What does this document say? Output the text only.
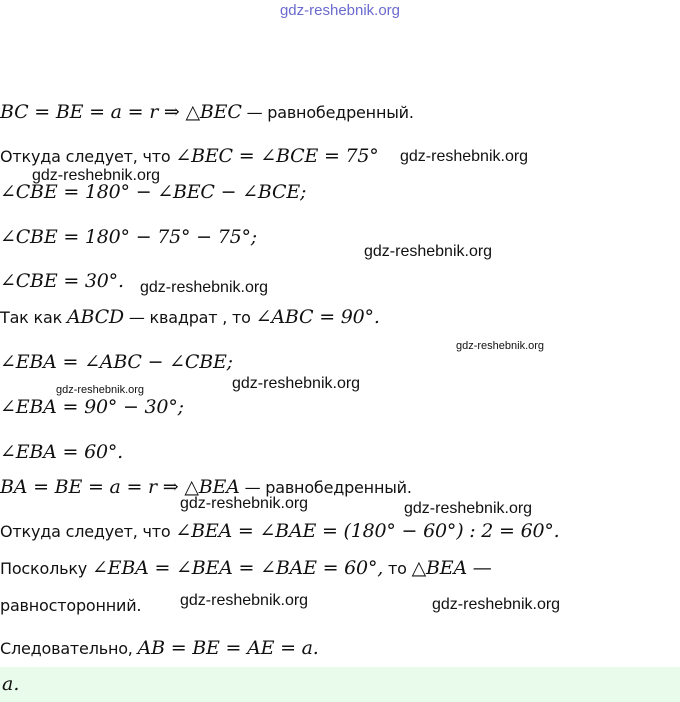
gdz-reshebnik.org
BC = BE = a = r ⇒ △BEC — равнобедренный.
Откуда следует, что ∠BEC = ∠BCE = 75°
∠CBE = 180° − ∠BEC − ∠BCE;
∠CBE = 180° − 75° − 75°;
∠CBE = 30°.
Так как ABCD — квадрат , то ∠ABC = 90°.
∠EBA = ∠ABC − ∠CBE;
∠EBA = 90° − 30°;
∠EBA = 60°.
BA = BE = a = r ⇒ △BEA — равнобедренный.
Откуда следует, что ∠BEA = ∠BAE = (180° − 60°) : 2 = 60°.
Поскольку ∠EBA = ∠BEA = ∠BAE = 60°, то △BEA —
равносторонний.
Следовательно, AB = BE = AE = a.
a.
gdz-reshebnik.org
gdz-reshebnik.org
gdz-reshebnik.org
gdz-reshebnik.org
gdz-reshebnik.org
gdz-reshebnik.org
gdz-reshebnik.org
gdz-reshebnik.org	gdz-reshebnik.org
gdz-reshebnik.org	gdz-reshebnik.org
